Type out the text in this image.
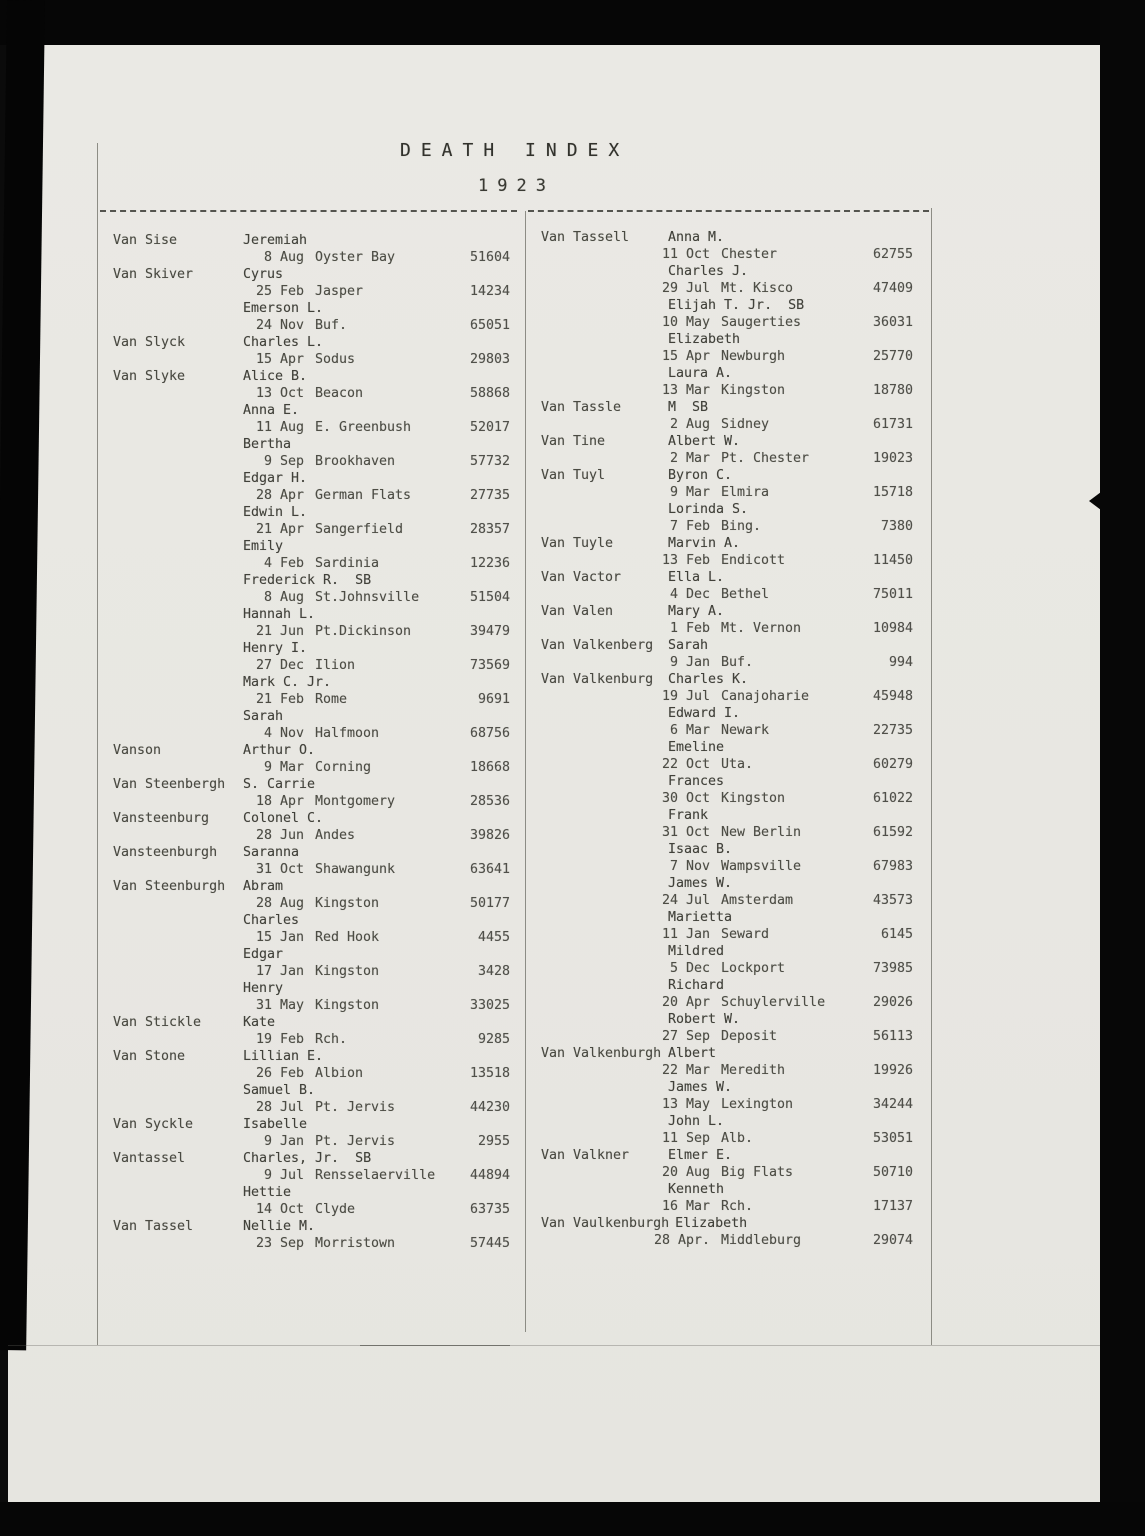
DEATH INDEX
1923
Van Sise	Jeremiah
8 Aug Oyster Bay	51604
Van Skiver	Cyrus
25 Feb Jasper	14234
Emerson L.
24 Nov Buf.	65051
Van Slyck	Charles L.
15 Apr Sodus	29803
Van Slyke	Alice B.
13 Oct Beacon	58868
Anna E.
11 Aug E. Greenbush	52017
Bertha
9 Sep Brookhaven	57732
Edgar H.
28 Apr German Flats	27735
Edwin L.
21 Apr Sangerfield	28357
Emily
4 Feb Sardinia	12236
Frederick R.  SB
8 Aug St.Johnsville	51504
Hannah L.
21 Jun Pt.Dickinson	39479
Henry I.
27 Dec Ilion	73569
Mark C. Jr.
21 Feb Rome	9691
Sarah
4 Nov Halfmoon	68756
Vanson	Arthur O.
9 Mar Corning	18668
Van Steenbergh	S. Carrie
18 Apr Montgomery	28536
Vansteenburg	Colonel C.
28 Jun Andes	39826
Vansteenburgh	Saranna
31 Oct Shawangunk	63641
Van Steenburgh	Abram
28 Aug Kingston	50177
Charles
15 Jan Red Hook	4455
Edgar
17 Jan Kingston	3428
Henry
31 May Kingston	33025
Van Stickle	Kate
19 Feb Rch.	9285
Van Stone	Lillian E.
26 Feb Albion	13518
Samuel B.
28 Jul Pt. Jervis	44230
Van Syckle	Isabelle
9 Jan Pt. Jervis	2955
Vantassel	Charles, Jr.  SB
9 Jul Rensselaerville	44894
Hettie
14 Oct Clyde	63735
Van Tassel	Nellie M.
23 Sep Morristown	57445
Van Tassell	Anna M.
11 Oct Chester	62755
Charles J.
29 Jul Mt. Kisco	47409
Elijah T. Jr.  SB
10 May Saugerties	36031
Elizabeth
15 Apr Newburgh	25770
Laura A.
13 Mar Kingston	18780
Van Tassle	M  SB
2 Aug Sidney	61731
Van Tine	Albert W.
2 Mar Pt. Chester	19023
Van Tuyl	Byron C.
9 Mar Elmira	15718
Lorinda S.
7 Feb Bing.	7380
Van Tuyle	Marvin A.
13 Feb Endicott	11450
Van Vactor	Ella L.
4 Dec Bethel	75011
Van Valen	Mary A.
1 Feb Mt. Vernon	10984
Van Valkenberg	Sarah
9 Jan Buf.	994
Van Valkenburg	Charles K.
19 Jul Canajoharie	45948
Edward I.
6 Mar Newark	22735
Emeline
22 Oct Uta.	60279
Frances
30 Oct Kingston	61022
Frank
31 Oct New Berlin	61592
Isaac B.
7 Nov Wampsville	67983
James W.
24 Jul Amsterdam	43573
Marietta
11 Jan Seward	6145
Mildred
5 Dec Lockport	73985
Richard
20 Apr Schuylerville	29026
Robert W.
27 Sep Deposit	56113
Van Valkenburgh Albert
22 Mar Meredith	19926
James W.
13 May Lexington	34244
John L.
11 Sep Alb.	53051
Van Valkner	Elmer E.
20 Aug Big Flats	50710
Kenneth
16 Mar Rch.	17137
Van Vaulkenburgh Elizabeth
28 Apr. Middleburg	29074
